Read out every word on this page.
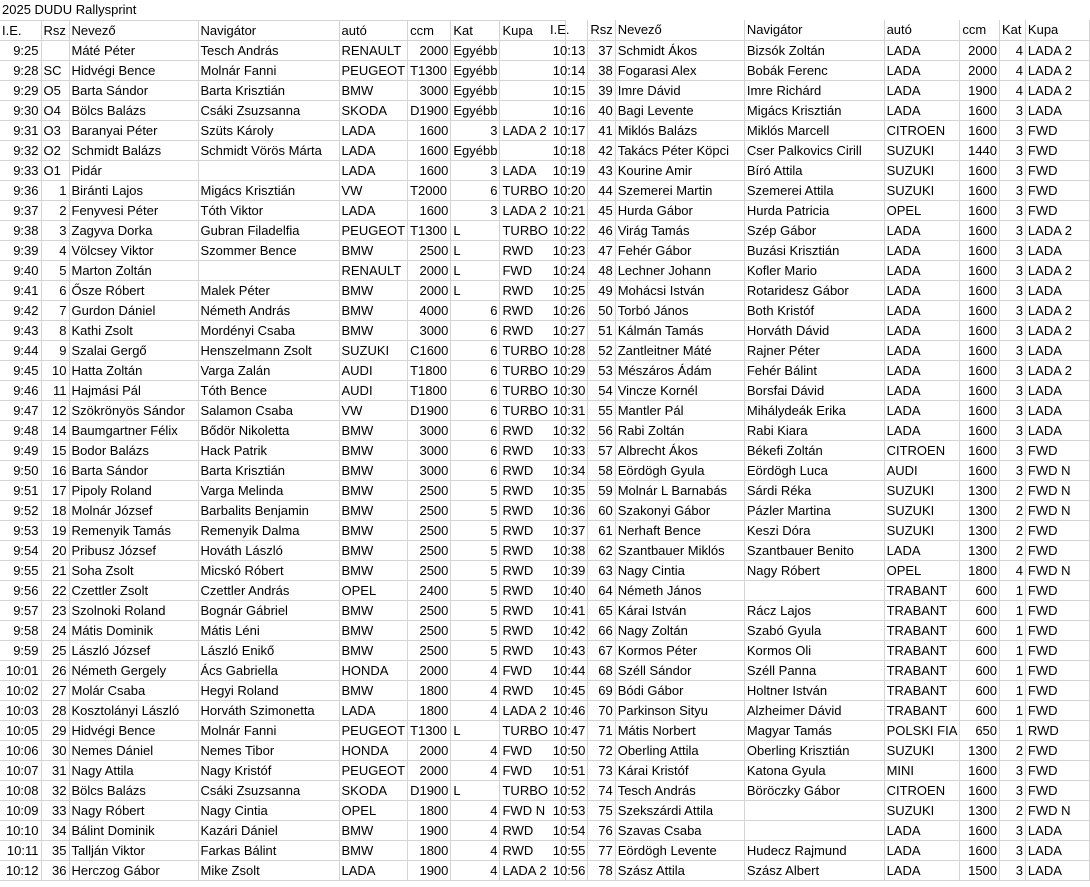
2025 DUDU Rallysprint							
I.E.	Rsz	Nevező	Navigátor	autó	ccm	Kat	Kupa
9:25		Máté Péter	Tesch András	RENAULT	2000	Egyébb	
9:28	SC	Hidvégi Bence	Molnár Fanni	PEUGEOT	T1300	Egyébb	
9:29	O5	Barta Sándor	Barta Krisztián	BMW	3000	Egyébb	
9:30	O4	Bölcs Balázs	Csáki Zsuzsanna	SKODA	D1900	Egyébb	
9:31	O3	Baranyai Péter	Szüts Károly	LADA	1600	3	LADA 2
9:32	O2	Schmidt Balázs	Schmidt Vörös Márta	LADA	1600	Egyébb	
9:33	O1	Pidár		LADA	1600	3	LADA
9:36	1	Biránti Lajos	Migács Krisztián	VW	T2000	6	TURBO
9:37	2	Fenyvesi Péter	Tóth Viktor	LADA	1600	3	LADA 2
9:38	3	Zagyva Dorka	Gubran Filadelfia	PEUGEOT	T1300	L	TURBO
9:39	4	Völcsey Viktor	Szommer Bence	BMW	2500	L	RWD
9:40	5	Marton Zoltán		RENAULT	2000	L	FWD
9:41	6	Ősze Róbert	Malek Péter	BMW	2000	L	RWD
9:42	7	Gurdon Dániel	Németh András	BMW	4000	6	RWD
9:43	8	Kathi Zsolt	Mordényi Csaba	BMW	3000	6	RWD
9:44	9	Szalai Gergő	Henszelmann Zsolt	SUZUKI	C1600	6	TURBO
9:45	10	Hatta Zoltán	Varga Zalán	AUDI	T1800	6	TURBO
9:46	11	Hajmási Pál	Tóth Bence	AUDI	T1800	6	TURBO
9:47	12	Szökrönyös Sándor	Salamon Csaba	VW	D1900	6	TURBO
9:48	14	Baumgartner Félix	Bődör Nikoletta	BMW	3000	6	RWD
9:49	15	Bodor Balázs	Hack Patrik	BMW	3000	6	RWD
9:50	16	Barta Sándor	Barta Krisztián	BMW	3000	6	RWD
9:51	17	Pipoly Roland	Varga Melinda	BMW	2500	5	RWD
9:52	18	Molnár József	Barbalits Benjamin	BMW	2500	5	RWD
9:53	19	Remenyik Tamás	Remenyik Dalma	BMW	2500	5	RWD
9:54	20	Pribusz József	Hováth László	BMW	2500	5	RWD
9:55	21	Soha Zsolt	Micskó Róbert	BMW	2500	5	RWD
9:56	22	Czettler Zsolt	Czettler András	OPEL	2400	5	RWD
9:57	23	Szolnoki Roland	Bognár Gábriel	BMW	2500	5	RWD
9:58	24	Mátis Dominik	Mátis Léni	BMW	2500	5	RWD
9:59	25	László József	László Enikő	BMW	2500	5	RWD
10:01	26	Németh Gergely	Ács Gabriella	HONDA	2000	4	FWD
10:02	27	Molár Csaba	Hegyi Roland	BMW	1800	4	RWD
10:03	28	Kosztolányi László	Horváth Szimonetta	LADA	1800	4	LADA 2
10:05	29	Hidvégi Bence	Molnár Fanni	PEUGEOT	T1300	L	TURBO
10:06	30	Nemes Dániel	Nemes Tibor	HONDA	2000	4	FWD
10:07	31	Nagy Attila	Nagy Kristóf	PEUGEOT	2000	4	FWD
10:08	32	Bölcs Balázs	Csáki Zsuzsanna	SKODA	D1900	L	TURBO
10:09	33	Nagy Róbert	Nagy Cintia	OPEL	1800	4	FWD N
10:10	34	Bálint Dominik	Kazári Dániel	BMW	1900	4	RWD
10:11	35	Tallján Viktor	Farkas Bálint	BMW	1800	4	RWD
10:12	36	Herczog Gábor	Mike Zsolt	LADA	1900	4	LADA 2
I.E.	Rsz	Nevező	Navigátor	autó	ccm	Kat	Kupa
10:13	37	Schmidt Ákos	Bizsók Zoltán	LADA	2000	4	LADA 2
10:14	38	Fogarasi Alex	Bobák Ferenc	LADA	2000	4	LADA 2
10:15	39	Imre Dávid	Imre Richárd	LADA	1900	4	LADA 2
10:16	40	Bagi Levente	Migács Krisztián	LADA	1600	3	LADA
10:17	41	Miklós Balázs	Miklós Marcell	CITROEN	1600	3	FWD
10:18	42	Takács Péter Köpci	Cser Palkovics Cirill	SUZUKI	1440	3	FWD
10:19	43	Kourine Amir	Bíró Attila	SUZUKI	1600	3	FWD
10:20	44	Szemerei Martin	Szemerei Attila	SUZUKI	1600	3	FWD
10:21	45	Hurda Gábor	Hurda Patricia	OPEL	1600	3	FWD
10:22	46	Virág Tamás	Szép Gábor	LADA	1600	3	LADA 2
10:23	47	Fehér Gábor	Buzási Krisztián	LADA	1600	3	LADA
10:24	48	Lechner Johann	Kofler Mario	LADA	1600	3	LADA 2
10:25	49	Mohácsi István	Rotaridesz Gábor	LADA	1600	3	LADA
10:26	50	Torbó János	Both Kristóf	LADA	1600	3	LADA 2
10:27	51	Kálmán Tamás	Horváth Dávid	LADA	1600	3	LADA 2
10:28	52	Zantleitner Máté	Rajner Péter	LADA	1600	3	LADA
10:29	53	Mészáros Ádám	Fehér Bálint	LADA	1600	3	LADA 2
10:30	54	Vincze Kornél	Borsfai Dávid	LADA	1600	3	LADA
10:31	55	Mantler Pál	Mihálydeák Erika	LADA	1600	3	LADA
10:32	56	Rabi Zoltán	Rabi Kiara	LADA	1600	3	LADA
10:33	57	Albrecht Ákos	Békefi Zoltán	CITROEN	1600	3	FWD
10:34	58	Eördögh Gyula	Eördögh Luca	AUDI	1600	3	FWD N
10:35	59	Molnár L Barnabás	Sárdi Réka	SUZUKI	1300	2	FWD N
10:36	60	Szakonyi Gábor	Pázler Martina	SUZUKI	1300	2	FWD N
10:37	61	Nerhaft Bence	Keszi Dóra	SUZUKI	1300	2	FWD
10:38	62	Szantbauer Miklós	Szantbauer Benito	LADA	1300	2	FWD
10:39	63	Nagy Cintia	Nagy Róbert	OPEL	1800	4	FWD N
10:40	64	Németh János		TRABANT	600	1	FWD
10:41	65	Kárai István	Rácz Lajos	TRABANT	600	1	FWD
10:42	66	Nagy Zoltán	Szabó Gyula	TRABANT	600	1	FWD
10:43	67	Kormos Péter	Kormos Oli	TRABANT	600	1	FWD
10:44	68	Széll Sándor	Széll Panna	TRABANT	600	1	FWD
10:45	69	Bódi Gábor	Holtner István	TRABANT	600	1	FWD
10:46	70	Parkinson Sityu	Alzheimer Dávid	TRABANT	600	1	FWD
10:47	71	Mátis Norbert	Magyar Tamás	POLSKI FIA	650	1	RWD
10:50	72	Oberling Attila	Oberling Krisztián	SUZUKI	1300	2	FWD
10:51	73	Kárai Kristóf	Katona Gyula	MINI	1600	3	FWD
10:52	74	Tesch András	Böröczky Gábor	CITROEN	1600	3	FWD
10:53	75	Szekszárdi Attila		SUZUKI	1300	2	FWD N
10:54	76	Szavas Csaba		LADA	1600	3	LADA
10:55	77	Eördögh Levente	Hudecz Rajmund	LADA	1600	3	LADA
10:56	78	Szász Attila	Szász Albert	LADA	1500	3	LADA
